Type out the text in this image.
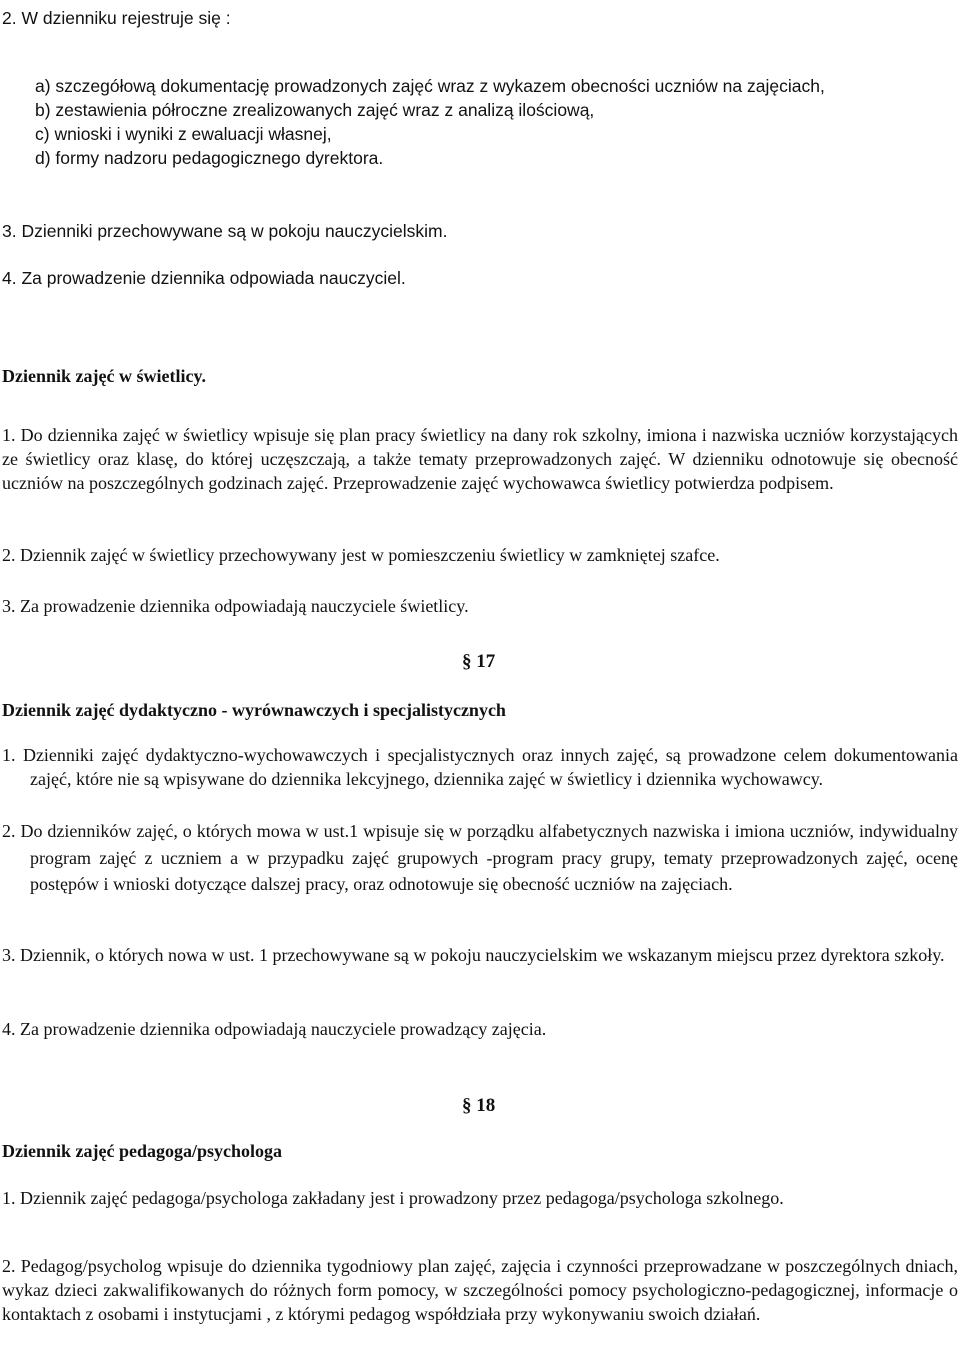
2. W dzienniku rejestruje się :
a) szczegółową dokumentację prowadzonych zajęć wraz z wykazem obecności uczniów na zajęciach,
b) zestawienia półroczne zrealizowanych zajęć wraz z analizą ilościową,
c) wnioski i wyniki z ewaluacji własnej,
d) formy nadzoru pedagogicznego dyrektora.
3. Dzienniki przechowywane są w pokoju nauczycielskim.
4. Za prowadzenie dziennika odpowiada nauczyciel.
Dziennik zajęć w świetlicy.
1. Do dziennika zajęć w świetlicy wpisuje się plan pracy świetlicy na dany rok szkolny, imiona i nazwiska uczniów korzystających ze świetlicy oraz klasę, do której uczęszczają, a także tematy przeprowadzonych zajęć. W dzienniku odnotowuje się obecność uczniów na poszczególnych godzinach zajęć. Przeprowadzenie zajęć wychowawca świetlicy potwierdza podpisem.
2. Dziennik zajęć w świetlicy przechowywany jest w pomieszczeniu świetlicy w zamkniętej szafce.
3. Za prowadzenie dziennika odpowiadają nauczyciele świetlicy.
§ 17
Dziennik zajęć dydaktyczno - wyrównawczych i specjalistycznych
1. Dzienniki zajęć dydaktyczno-wychowawczych i specjalistycznych oraz innych zajęć, są prowadzone celem dokumentowania zajęć, które nie są wpisywane do dziennika lekcyjnego, dziennika zajęć w świetlicy i dziennika wychowawcy.
2. Do dzienników zajęć, o których mowa w ust.1 wpisuje się w porządku alfabetycznych nazwiska i imiona uczniów, indywidualny program zajęć z uczniem a w przypadku zajęć grupowych -program pracy grupy, tematy przeprowadzonych zajęć, ocenę postępów i wnioski dotyczące dalszej pracy, oraz odnotowuje się obecność uczniów na zajęciach.
3. Dziennik, o których nowa w ust. 1 przechowywane są w pokoju nauczycielskim we wskazanym miejscu przez dyrektora szkoły.
4. Za prowadzenie dziennika odpowiadają nauczyciele prowadzący zajęcia.
§ 18
Dziennik zajęć pedagoga/psychologa
1. Dziennik zajęć pedagoga/psychologa zakładany jest i prowadzony przez pedagoga/psychologa szkolnego.
2. Pedagog/psycholog wpisuje do dziennika tygodniowy plan zajęć, zajęcia i czynności przeprowadzane w poszczególnych dniach, wykaz dzieci zakwalifikowanych do różnych form pomocy, w szczególności pomocy psychologiczno-pedagogicznej, informacje o kontaktach z osobami i instytucjami , z którymi pedagog współdziała przy wykonywaniu swoich działań.
